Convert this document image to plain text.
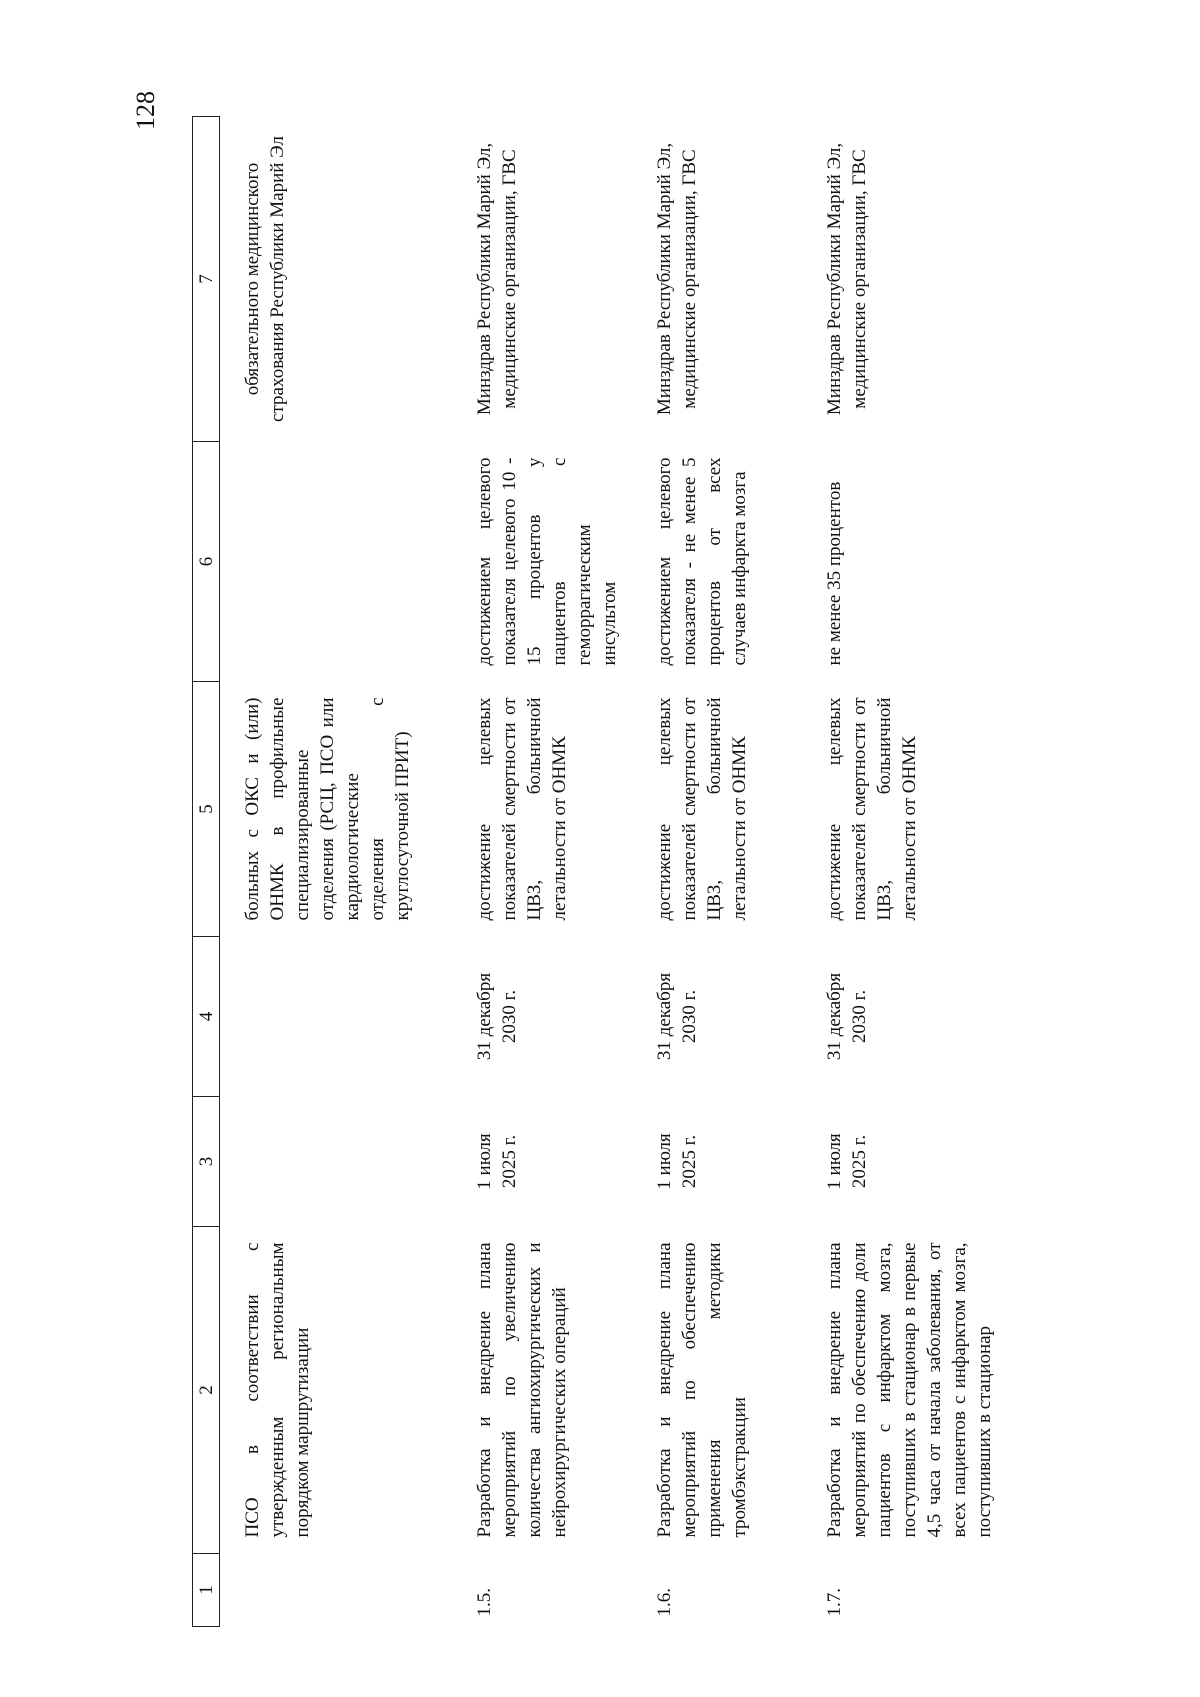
128
1	2	3	4	5	6	7
	ПСО в соответствии с утвержденным региональным порядком маршрутизации			больных с ОКС и (или) ОНМК в профильные специализированные отделения (РСЦ, ПСО или кардиологические отделения с круглосуточной ПРИТ)		обязательного медицинского страхования Республики Марий Эл
1.5.	Разработка и внедрение плана мероприятий по увеличению количества ангиохирургических и нейрохирургических операций	1 июля 2025 г.	31 декабря 2030 г.	достижение целевых показателей смертности от ЦВЗ, больничной летальности от ОНМК	достижением целевого показателя целевого 10 - 15 процентов у пациентов с геморрагическим инсультом	Минздрав Республики Марий Эл, медицинские организации, ГВС
1.6.	Разработка и внедрение плана мероприятий по обеспечению применения методики тромбэкстракции	1 июля 2025 г.	31 декабря 2030 г.	достижение целевых показателей смертности от ЦВЗ, больничной летальности от ОНМК	достижением целевого показателя - не менее 5 процентов от всех случаев инфаркта мозга	Минздрав Республики Марий Эл, медицинские организации, ГВС
1.7.	Разработка и внедрение плана мероприятий по обеспечению доли пациентов с инфарктом мозга, поступивших в стационар в первые 4,5 часа от начала заболевания, от всех пациентов с инфарктом мозга, поступивших в стационар	1 июля 2025 г.	31 декабря 2030 г.	достижение целевых показателей смертности от ЦВЗ, больничной летальности от ОНМК	не менее 35 процентов	Минздрав Республики Марий Эл, медицинские организации, ГВС
